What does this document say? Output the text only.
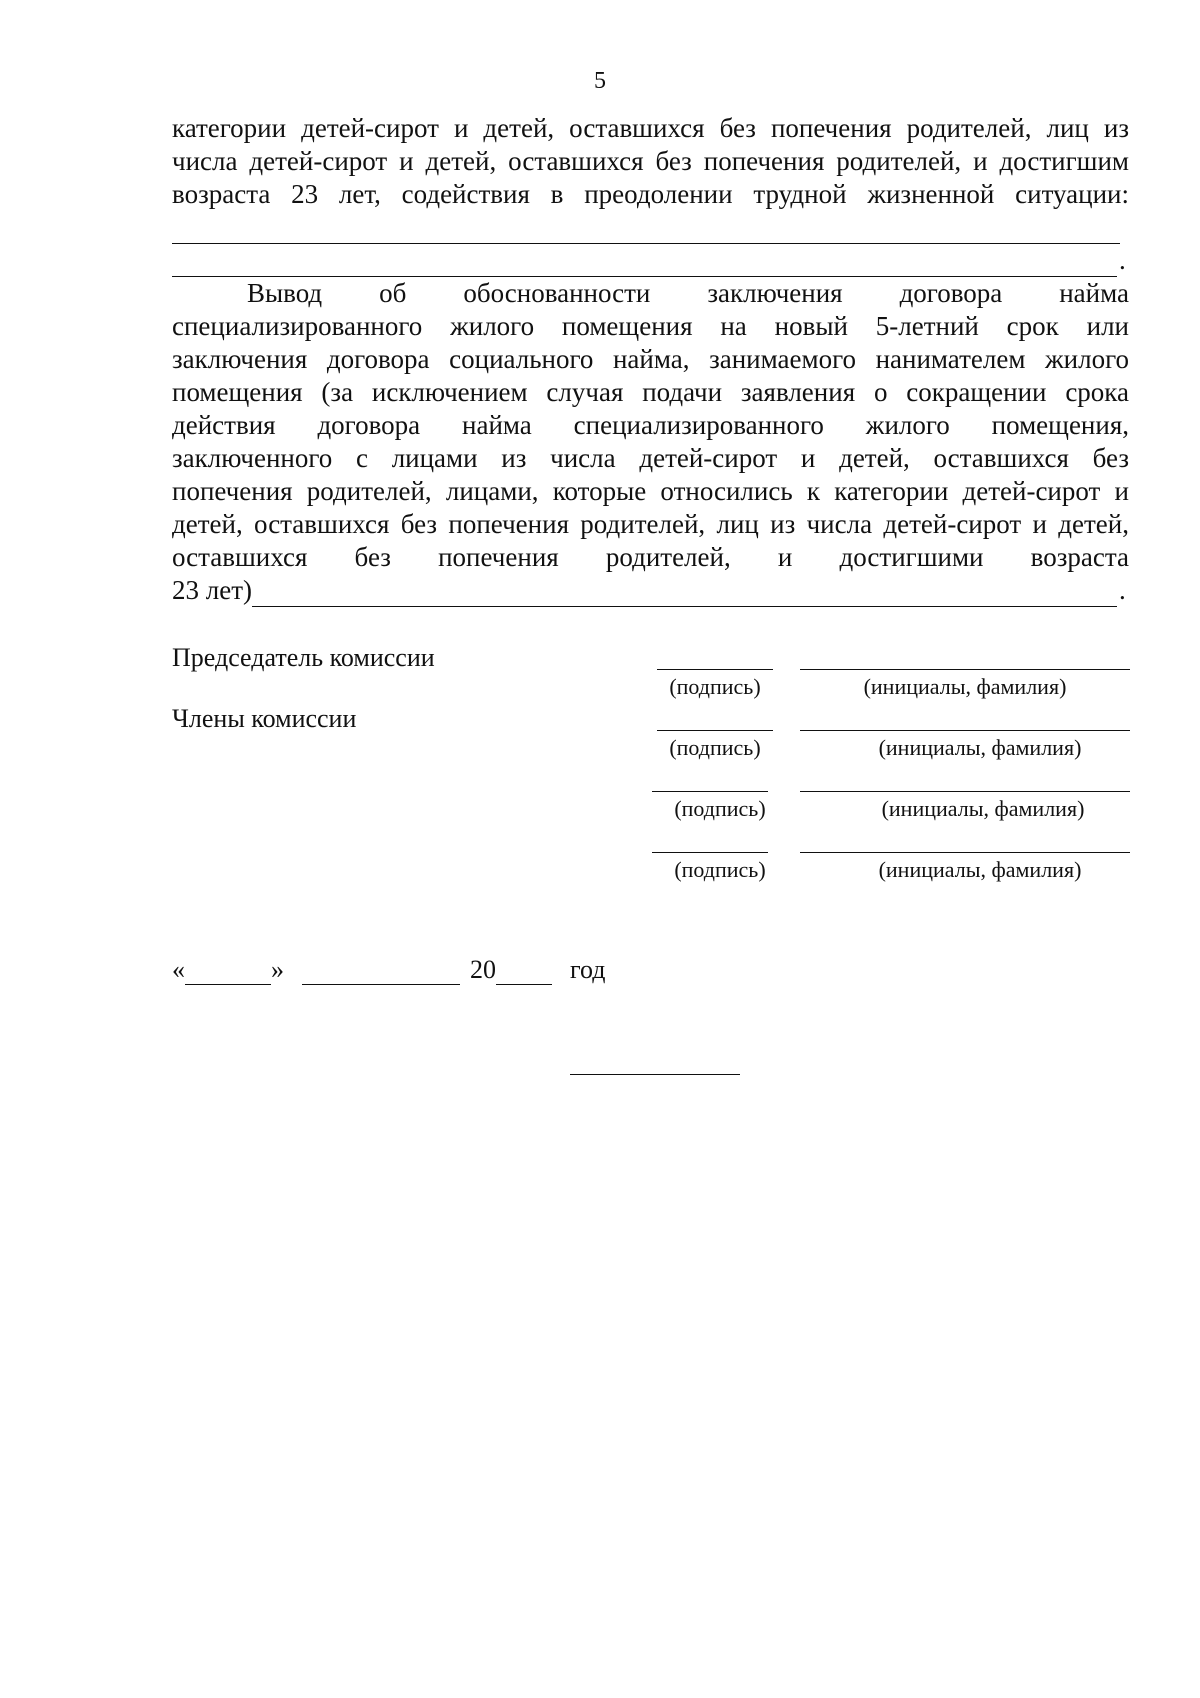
5
категории детей-сирот и детей, оставшихся без попечения родителей, лиц из
числа детей-сирот и детей, оставшихся без попечения родителей, и достигшим
возраста 23 лет, содействия в преодолении трудной жизненной ситуации:
.
Вывод об обоснованности заключения договора найма
специализированного жилого помещения на новый 5-летний срок или
заключения договора социального найма, занимаемого нанимателем жилого
помещения (за исключением случая подачи заявления о сокращении срока
действия договора найма специализированного жилого помещения,
заключенного с лицами из числа детей-сирот и детей, оставшихся без
попечения родителей, лицами, которые относились к категории детей-сирот и
детей, оставшихся без попечения родителей, лиц из числа детей-сирот и детей,
оставшихся без попечения родителей, и достигшими возраста
23 лет)	.
Председатель комиссии
Члены комиссии
(подпись)	(инициалы, фамилия)
(подпись)	(инициалы, фамилия)
(подпись)	(инициалы, фамилия)
(подпись)	(инициалы, фамилия)
«	»	20	год
